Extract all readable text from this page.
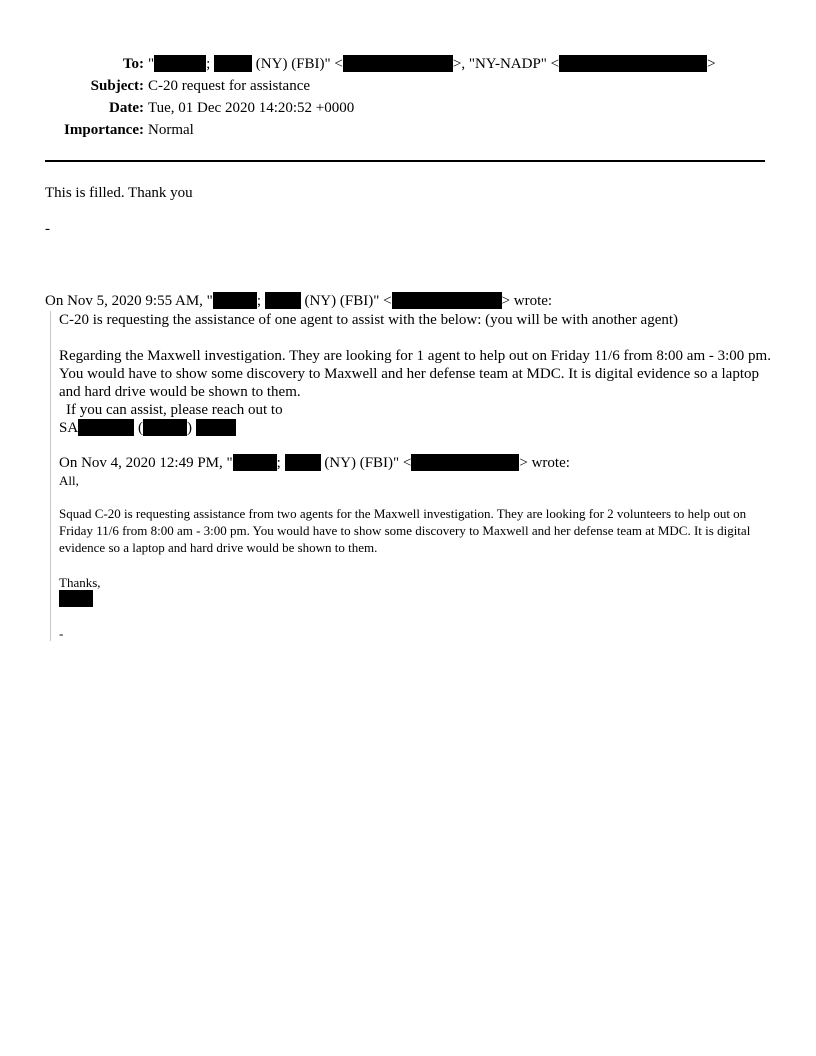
To: "	;	(NY) (FBI)" <	>, "NY-NADP" <	>
Subject: C-20 request for assistance
Date: Tue, 01 Dec 2020 14:20:52 +0000
Importance: Normal
This is filled. Thank you
-
On Nov 5, 2020 9:55 AM, "	;	(NY) (FBI)" <	> wrote:
C-20 is requesting the assistance of one agent to assist with the below: (you will be with another agent)
Regarding the Maxwell investigation. They are looking for 1 agent to help out on Friday 11/6 from 8:00 am - 3:00 pm. You would have to show some discovery to Maxwell and her defense team at MDC. It is digital evidence so a laptop and hard drive would be shown to them.
If you can assist, please reach out to
SA	(	)
On Nov 4, 2020 12:49 PM, "	;	(NY) (FBI)" <	> wrote:
All,
Squad C-20 is requesting assistance from two agents for the Maxwell investigation. They are looking for 2 volunteers to help out on Friday 11/6 from 8:00 am - 3:00 pm. You would have to show some discovery to Maxwell and her defense team at MDC. It is digital evidence so a laptop and hard drive would be shown to them.
Thanks,
-
